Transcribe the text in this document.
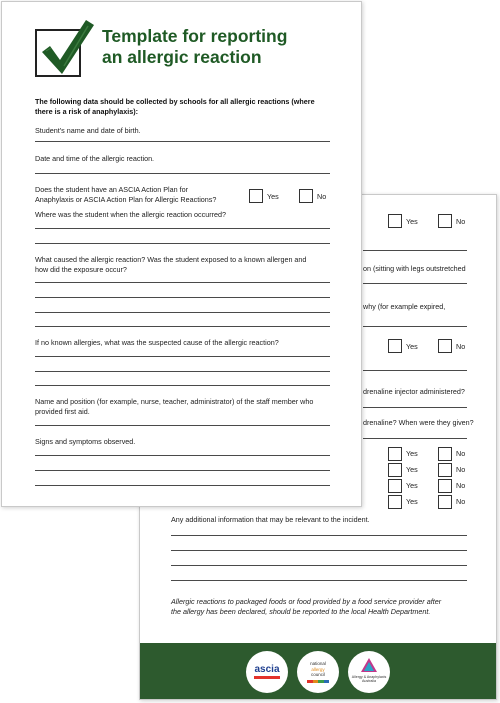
Yes	No
on (sitting with legs outstretched
why (for example expired,
Yes	No
drenaline injector administered?
drenaline? When were they given?
Yes	No
Yes	No
Yes	No
Yes	No
Any additional information that may be relevant to the incident.
Allergic reactions to packaged foods or food provided by a food service provider after
the allergy has been declared, should be reported to the local Health Department.
ascia
national
allergy
council	Allergy & Anaphylaxis
Australia
Template for reporting
an allergic reaction
The following data should be collected by schools for all allergic reactions (where
there is a risk of anaphylaxis):
Student's name and date of birth.
Date and time of the allergic reaction.
Does the student have an ASCIA Action Plan for
Anaphylaxis or ASCIA Action Plan for Allergic Reactions?	Yes	No
Where was the student when the allergic reaction occurred?
What caused the allergic reaction? Was the student exposed to a known allergen and
how did the exposure occur?
If no known allergies, what was the suspected cause of the allergic reaction?
Name and position (for example, nurse, teacher, administrator) of the staff member who
provided first aid.
Signs and symptoms observed.
